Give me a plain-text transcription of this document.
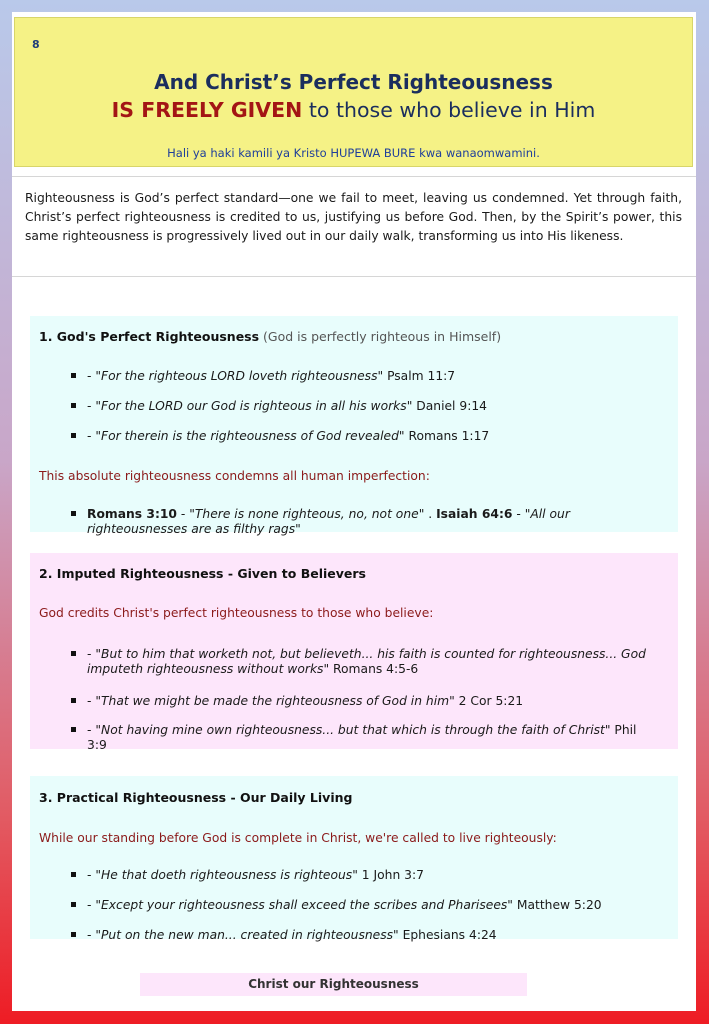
8
And Christ’s Perfect Righteousness
IS FREELY GIVEN to those who believe in Him
Hali ya haki kamili ya Kristo HUPEWA BURE kwa wanaomwamini.
Righteousness is God’s perfect standard—one we fail to meet, leaving us condemned. Yet through faith, Christ’s perfect righteousness is credited to us, justifying us before God. Then, by the Spirit’s power, this same righteousness is progressively lived out in our daily walk, transforming us into His likeness.
1. God's Perfect Righteousness (God is perfectly righteous in Himself)
- "For the righteous LORD loveth righteousness" Psalm 11:7
- "For the LORD our God is righteous in all his works" Daniel 9:14
- "For therein is the righteousness of God revealed" Romans 1:17
This absolute righteousness condemns all human imperfection:
Romans 3:10 - "There is none righteous, no, not one" . Isaiah 64:6 - "All our righteousnesses are as filthy rags"
2. Imputed Righteousness - Given to Believers
God credits Christ's perfect righteousness to those who believe:
- "But to him that worketh not, but believeth... his faith is counted for righteousness... God imputeth righteousness without works" Romans 4:5-6
- "That we might be made the righteousness of God in him" 2 Cor 5:21
- "Not having mine own righteousness... but that which is through the faith of Christ" Phil 3:9
3. Practical Righteousness - Our Daily Living
While our standing before God is complete in Christ, we're called to live righteously:
- "He that doeth righteousness is righteous" 1 John 3:7
- "Except your righteousness shall exceed the scribes and Pharisees" Matthew 5:20
- "Put on the new man... created in righteousness" Ephesians 4:24
Christ our Righteousness
